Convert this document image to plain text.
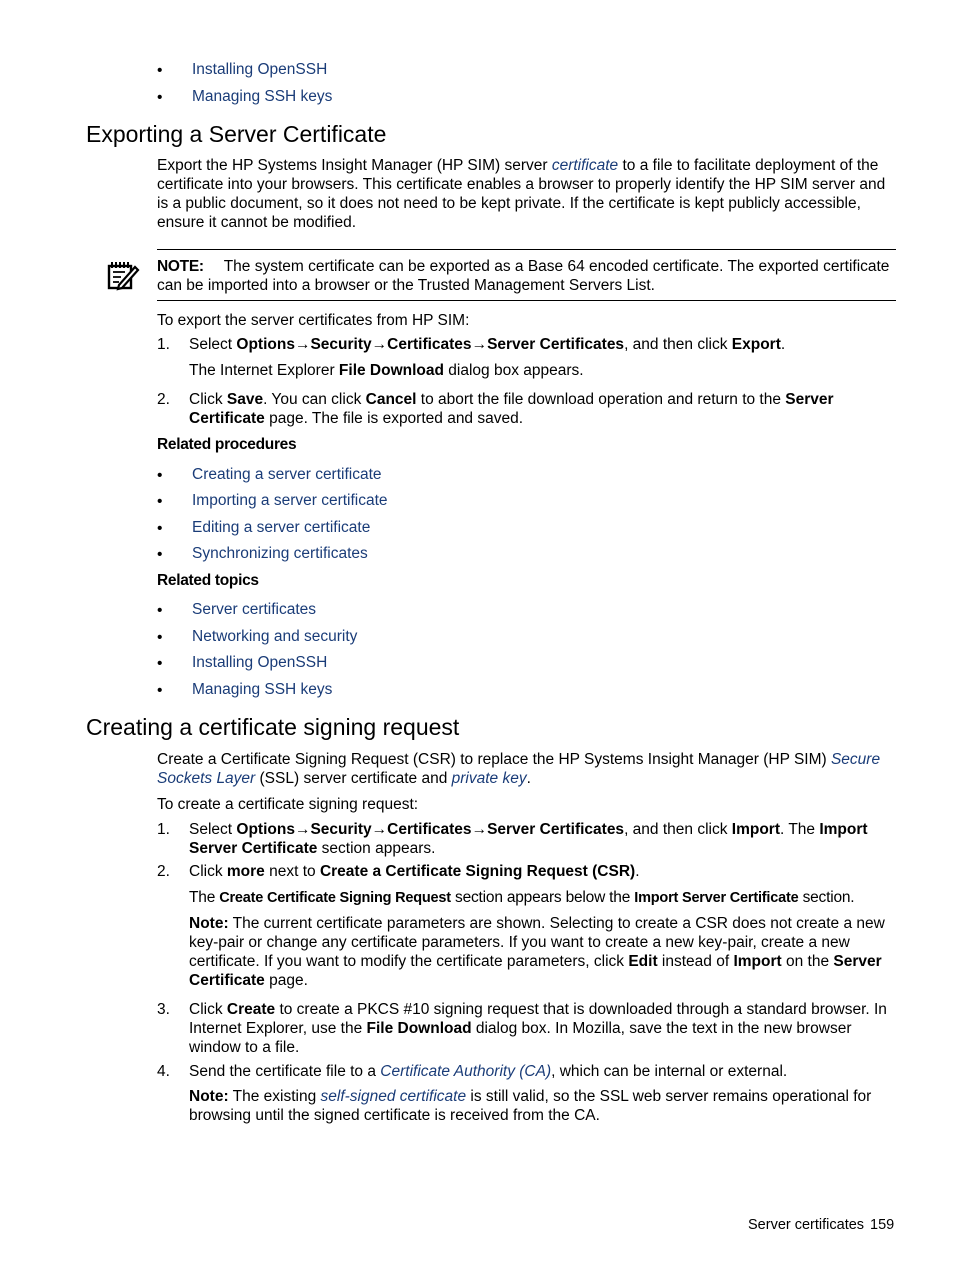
• Installing OpenSSH
• Managing SSH keys
Exporting a Server Certificate
Export the HP Systems Insight Manager (HP SIM) server certificate to a file to facilitate deployment of the certificate into your browsers. This certificate enables a browser to properly identify the HP SIM server and is a public document, so it does not need to be kept private. If the certificate is kept publicly accessible, ensure it cannot be modified.
NOTE: The system certificate can be exported as a Base 64 encoded certificate. The exported certificate can be imported into a browser or the Trusted Management Servers List.
To export the server certificates from HP SIM:
1.	Select Options→Security→Certificates→Server Certificates, and then click Export.
The Internet Explorer File Download dialog box appears.
2.	Click Save. You can click Cancel to abort the file download operation and return to the Server Certificate page. The file is exported and saved.
Related procedures
• Creating a server certificate
• Importing a server certificate
• Editing a server certificate
• Synchronizing certificates
Related topics
• Server certificates
• Networking and security
• Installing OpenSSH
• Managing SSH keys
Creating a certificate signing request
Create a Certificate Signing Request (CSR) to replace the HP Systems Insight Manager (HP SIM) Secure Sockets Layer (SSL) server certificate and private key.
To create a certificate signing request:
1.	Select Options→Security→Certificates→Server Certificates, and then click Import. The Import Server Certificate section appears.
2.	Click more next to Create a Certificate Signing Request (CSR).
The Create Certificate Signing Request section appears below the Import Server Certificate section.
Note: The current certificate parameters are shown. Selecting to create a CSR does not create a new key-pair or change any certificate parameters. If you want to create a new key-pair, create a new certificate. If you want to modify the certificate parameters, click Edit instead of Import on the Server Certificate page.
3.	Click Create to create a PKCS #10 signing request that is downloaded through a standard browser. In Internet Explorer, use the File Download dialog box. In Mozilla, save the text in the new browser window to a file.
4.	Send the certificate file to a Certificate Authority (CA), which can be internal or external.
Note: The existing self-signed certificate is still valid, so the SSL web server remains operational for browsing until the signed certificate is received from the CA.
Server certificates 159
